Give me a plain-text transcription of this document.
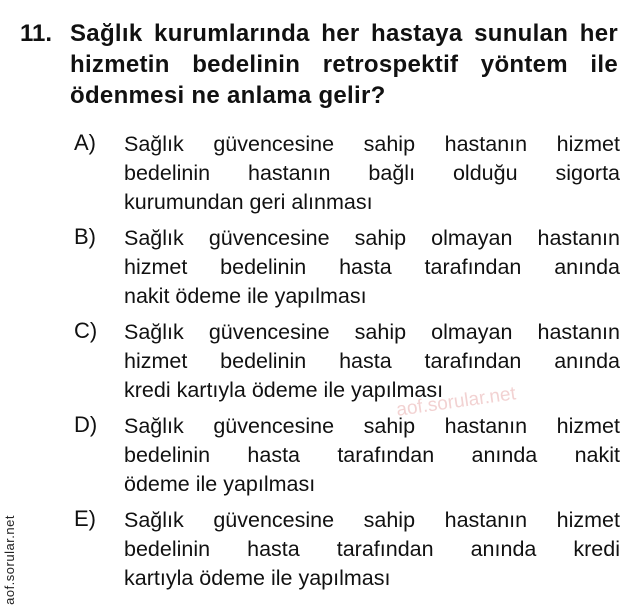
11. Sağlık kurumlarında her hastaya sunulan her
hizmetin bedelinin retrospektif yöntem ile
ödenmesi ne anlama gelir?
A) Sağlık güvencesine sahip hastanın hizmet
bedelinin hastanın bağlı olduğu sigorta
kurumundan geri alınması
B) Sağlık güvencesine sahip olmayan hastanın
hizmet bedelinin hasta tarafından anında
nakit ödeme ile yapılması
C) Sağlık güvencesine sahip olmayan hastanın
hizmet bedelinin hasta tarafından anında
kredi kartıyla ödeme ile yapılması
D) Sağlık güvencesine sahip hastanın hizmet
bedelinin hasta tarafından anında nakit
ödeme ile yapılması
E) Sağlık güvencesine sahip hastanın hizmet
bedelinin hasta tarafından anında kredi
kartıyla ödeme ile yapılması
aof.sorular.net
aof.sorular.net
